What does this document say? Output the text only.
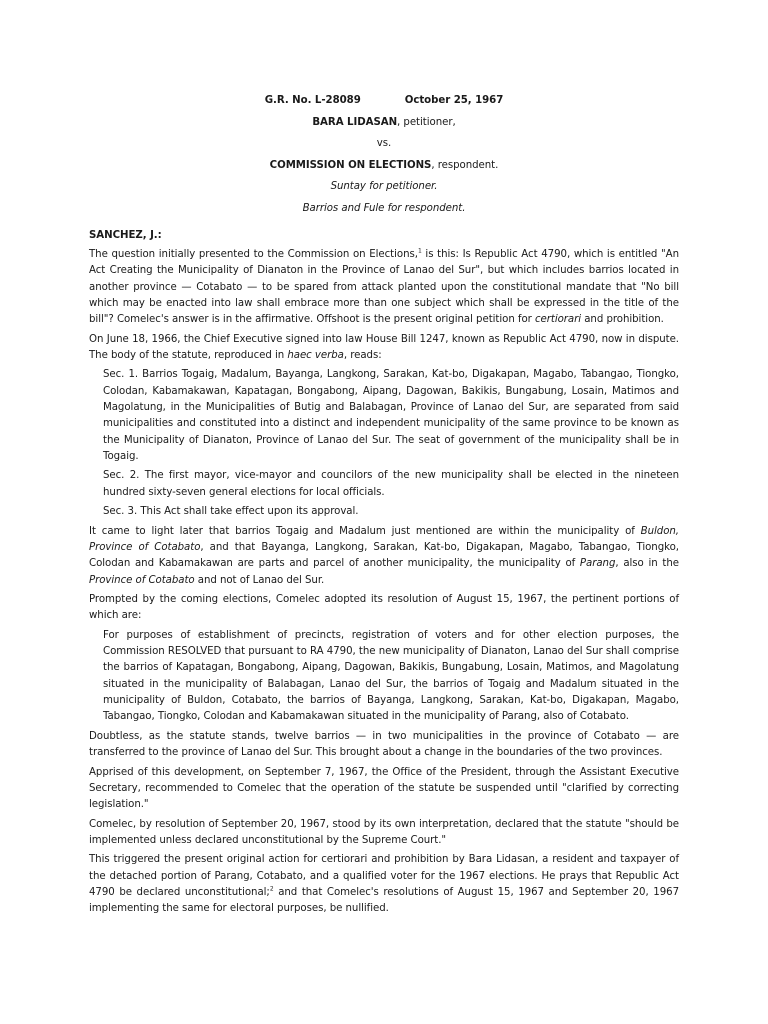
G.R. No. L-28089	October 25, 1967
BARA LIDASAN, petitioner,
vs.
COMMISSION ON ELECTIONS, respondent.
Suntay for petitioner.
Barrios and Fule for respondent.
SANCHEZ, J.:

The question initially presented to the Commission on Elections,$^1$ is this: Is Republic Act 4790, which is entitled "An Act Creating the Municipality of Dianaton in the Province of Lanao del Sur", but which includes barrios located in another province — Cotabato — to be spared from attack planted upon the constitutional mandate that "No bill which may be enacted into law shall embrace more than one subject which shall be expressed in the title of the bill"? Comelec's answer is in the affirmative. Offshoot is the present original petition for certiorari and prohibition.

On June 18, 1966, the Chief Executive signed into law House Bill 1247, known as Republic Act 4790, now in dispute. The body of the statute, reproduced in haec verba, reads:

Sec. 1. Barrios Togaig, Madalum, Bayanga, Langkong, Sarakan, Kat-bo, Digakapan, Magabo, Tabangao, Tiongko, Colodan, Kabamakawan, Kapatagan, Bongabong, Aipang, Dagowan, Bakikis, Bungabung, Losain, Matimos and Magolatung, in the Municipalities of Butig and Balabagan, Province of Lanao del Sur, are separated from said municipalities and constituted into a distinct and independent municipality of the same province to be known as the Municipality of Dianaton, Province of Lanao del Sur. The seat of government of the municipality shall be in Togaig.

Sec. 2. The first mayor, vice-mayor and councilors of the new municipality shall be elected in the nineteen hundred sixty-seven general elections for local officials.

Sec. 3. This Act shall take effect upon its approval.

It came to light later that barrios Togaig and Madalum just mentioned are within the municipality of Buldon, Province of Cotabato, and that Bayanga, Langkong, Sarakan, Kat-bo, Digakapan, Magabo, Tabangao, Tiongko, Colodan and Kabamakawan are parts and parcel of another municipality, the municipality of Parang, also in the Province of Cotabato and not of Lanao del Sur.

Prompted by the coming elections, Comelec adopted its resolution of August 15, 1967, the pertinent portions of which are:

For purposes of establishment of precincts, registration of voters and for other election purposes, the Commission RESOLVED that pursuant to RA 4790, the new municipality of Dianaton, Lanao del Sur shall comprise the barrios of Kapatagan, Bongabong, Aipang, Dagowan, Bakikis, Bungabung, Losain, Matimos, and Magolatung situated in the municipality of Balabagan, Lanao del Sur, the barrios of Togaig and Madalum situated in the municipality of Buldon, Cotabato, the barrios of Bayanga, Langkong, Sarakan, Kat-bo, Digakapan, Magabo, Tabangao, Tiongko, Colodan and Kabamakawan situated in the municipality of Parang, also of Cotabato.

Doubtless, as the statute stands, twelve barrios — in two municipalities in the province of Cotabato — are transferred to the province of Lanao del Sur. This brought about a change in the boundaries of the two provinces.

Apprised of this development, on September 7, 1967, the Office of the President, through the Assistant Executive Secretary, recommended to Comelec that the operation of the statute be suspended until "clarified by correcting legislation."

Comelec, by resolution of September 20, 1967, stood by its own interpretation, declared that the statute "should be implemented unless declared unconstitutional by the Supreme Court."

This triggered the present original action for certiorari and prohibition by Bara Lidasan, a resident and taxpayer of the detached portion of Parang, Cotabato, and a qualified voter for the 1967 elections. He prays that Republic Act 4790 be declared unconstitutional;$^2$ and that Comelec's resolutions of August 15, 1967 and September 20, 1967 implementing the same for electoral purposes, be nullified.
